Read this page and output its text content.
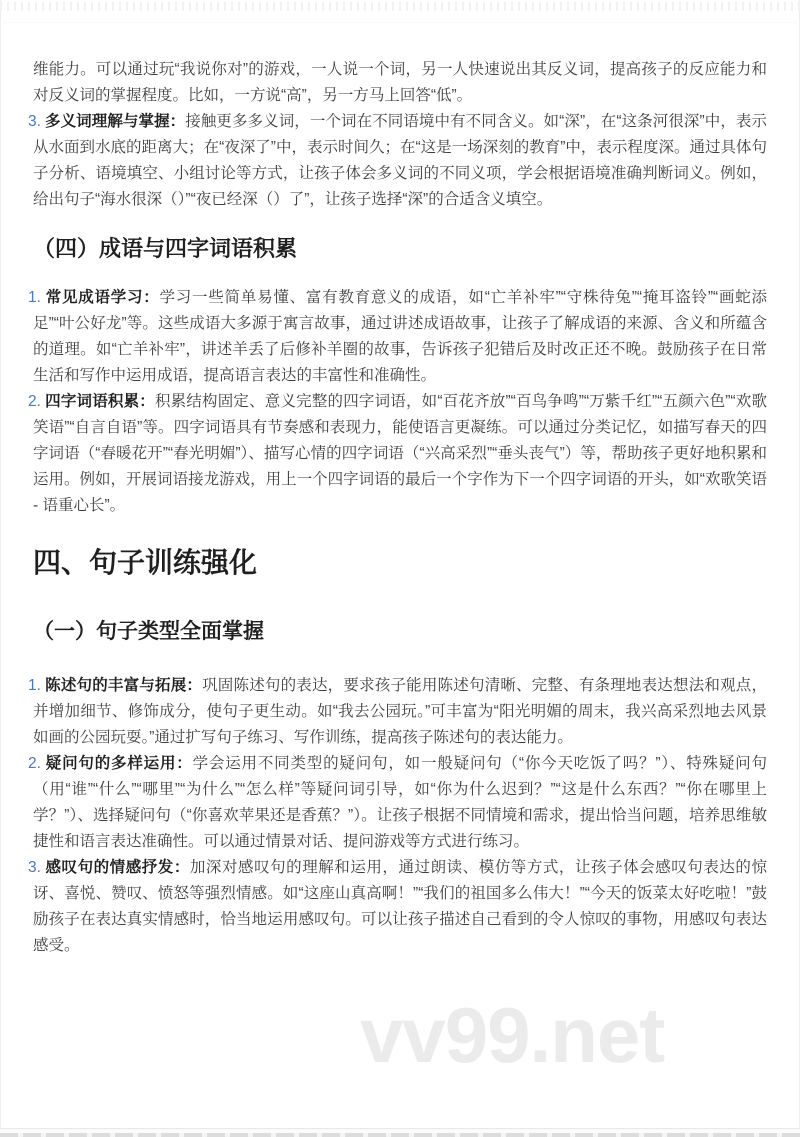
vv99.net

维能力。可以通过玩“我说你对”的游戏，一人说一个词，另一人快速说出其反义词，提高孩子的反应能力和对反义词的掌握程度。比如，一方说“高”，另一方马上回答“低”。

3. 多义词理解与掌握：接触更多多义词，一个词在不同语境中有不同含义。如“深”，在“这条河很深”中，表示从水面到水底的距离大；在“夜深了”中，表示时间久；在“这是一场深刻的教育”中，表示程度深。通过具体句子分析、语境填空、小组讨论等方式，让孩子体会多义词的不同义项，学会根据语境准确判断词义。例如，给出句子“海水很深（）”“夜已经深（）了”，让孩子选择“深”的合适含义填空。

（四）成语与四字词语积累

1. 常见成语学习：学习一些简单易懂、富有教育意义的成语，如“亡羊补牢”“守株待兔”“掩耳盗铃”“画蛇添足”“叶公好龙”等。这些成语大多源于寓言故事，通过讲述成语故事，让孩子了解成语的来源、含义和所蕴含的道理。如“亡羊补牢”，讲述羊丢了后修补羊圈的故事，告诉孩子犯错后及时改正还不晚。鼓励孩子在日常生活和写作中运用成语，提高语言表达的丰富性和准确性。

2. 四字词语积累：积累结构固定、意义完整的四字词语，如“百花齐放”“百鸟争鸣”“万紫千红”“五颜六色”“欢歌笑语”“自言自语”等。四字词语具有节奏感和表现力，能使语言更凝练。可以通过分类记忆，如描写春天的四字词语（“春暖花开”“春光明媚”）、描写心情的四字词语（“兴高采烈”“垂头丧气”）等，帮助孩子更好地积累和运用。例如，开展词语接龙游戏，用上一个四字词语的最后一个字作为下一个四字词语的开头，如“欢歌笑语 - 语重心长”。

四、句子训练强化
（一）句子类型全面掌握

1. 陈述句的丰富与拓展：巩固陈述句的表达，要求孩子能用陈述句清晰、完整、有条理地表达想法和观点，并增加细节、修饰成分，使句子更生动。如“我去公园玩。”可丰富为“阳光明媚的周末，我兴高采烈地去风景如画的公园玩耍。”通过扩写句子练习、写作训练，提高孩子陈述句的表达能力。

2. 疑问句的多样运用：学会运用不同类型的疑问句，如一般疑问句（“你今天吃饭了吗？”）、特殊疑问句（用“谁”“什么”“哪里”“为什么”“怎么样”等疑问词引导，如“你为什么迟到？”“这是什么东西？”“你在哪里上学？”）、选择疑问句（“你喜欢苹果还是香蕉？”）。让孩子根据不同情境和需求，提出恰当问题，培养思维敏捷性和语言表达准确性。可以通过情景对话、提问游戏等方式进行练习。

3. 感叹句的情感抒发：加深对感叹句的理解和运用，通过朗读、模仿等方式，让孩子体会感叹句表达的惊讶、喜悦、赞叹、愤怒等强烈情感。如“这座山真高啊！”“我们的祖国多么伟大！”“今天的饭菜太好吃啦！”鼓励孩子在表达真实情感时，恰当地运用感叹句。可以让孩子描述自己看到的令人惊叹的事物，用感叹句表达感受。
